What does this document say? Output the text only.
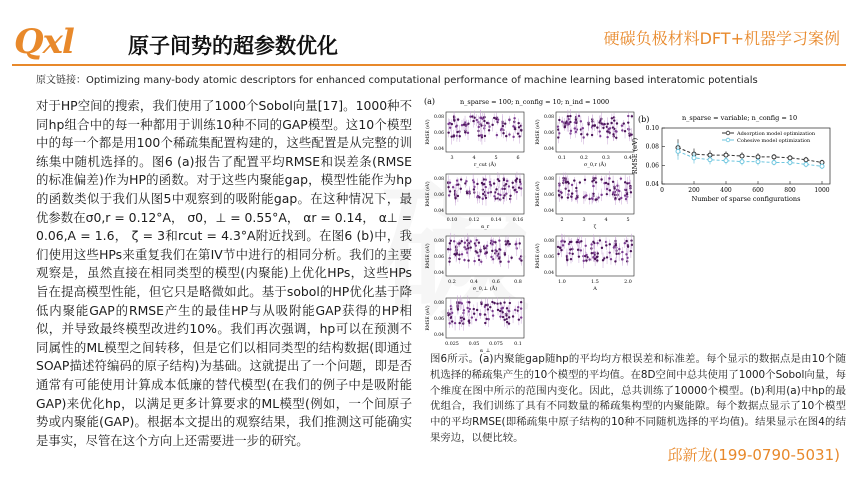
Qxl	原子间势的超参数优化	硬碳负极材料DFT+机器学习案例
原文链接：Optimizing many-body atomic descriptors for enhanced computational performance of machine learning based interatomic potentials
对于HP空间的搜索，我们使用了1000个Sobol向量[17]。1000种不同hp组合中的每一种都用于训练10种不同的GAP模型。这10个模型中的每一个都是用100个稀疏集配置构建的，这些配置是从完整的训练集中随机选择的。图6 (a)报告了配置平均RMSE和误差条(RMSE的标准偏差)作为HP的函数。对于这些内聚能gap，模型性能作为hp的函数类似于我们从图5中观察到的吸附能gap。在这种情况下，最优参数在σ0,r = 0.12°A， σ0，⊥ = 0.55°A， αr = 0.14， α⊥ = 0.06,A = 1.6， ζ = 3和rcut = 4.3°A附近找到。在图6 (b)中，我们使用这些HPs来重复我们在第IV节中进行的相同分析。我们的主要观察是，虽然直接在相同类型的模型(内聚能)上优化HPs，这些HPs旨在提高模型性能，但它只是略微如此。基于sobol的HP优化基于降低内聚能GAP的RMSE产生的最佳HP与从吸附能GAP获得的HP相似，并导致最终模型改进约10%。我们再次强调，hp可以在预测不同属性的ML模型之间转移，但是它们以相同类型的结构数据(即通过SOAP描述符编码的原子结构)为基础。这就提出了一个问题，即是否通常有可能使用计算成本低廉的替代模型(在我们的例子中是吸附能GAP)来优化hp，以满足更多计算要求的ML模型(例如，一个间原子势或内聚能(GAP)。根据本文提出的观察结果，我们推测这可能确实是事实，尽管在这个方向上还需要进一步的研究。
(a)	n_sparse = 100; n_config = 10; n_ind = 1000
0.08
0.06
0.04
RMSE (eV)
3	4	5	6
r_cut (Å)
0.08
0.06
0.04
RMSE (eV)
0.1	0.2	0.3	0.4
σ_0,r (Å)
0.08
0.06
0.04
RMSE (eV)
0.10 0.12 0.14 0.16
α_r
0.08
0.06
0.04
RMSE (eV)
2	3	4	5
ζ
0.08
0.06
0.04
RMSE (eV)
0.2	0.4	0.6	0.8
σ_0,⊥ (Å)
0.08
0.06
0.04
RMSE (eV)
1.0	1.5	2.0
A
0.08
0.06
0.04
RMSE (eV)
0.025 0.05 0.075 0.1
α_⊥
(b)	n_sparse = variable; n_config = 10
0.04
0.06
0.08
0.10
0	200	400	600	800	1000
Number of sparse configurations
RMSE (eV)
Adsorption model optimization
Cohesive model optimization
图6所示。(a)内聚能gap随hp的平均均方根误差和标准差。每个显示的数据点是由10个随机选择的稀疏集产生的10个模型的平均值。在8D空间中总共使用了1000个Sobol向量，每个维度在图中所示的范围内变化。因此，总共训练了10000个模型。(b)利用(a)中hp的最优组合，我们训练了具有不同数量的稀疏集构型的内聚能隙。每个数据点显示了10个模型中的平均RMSE(即稀疏集中原子结构的10种不同随机选择的平均值)。结果显示在图4的结果旁边，以便比较。
邱新龙(199-0790-5031)
